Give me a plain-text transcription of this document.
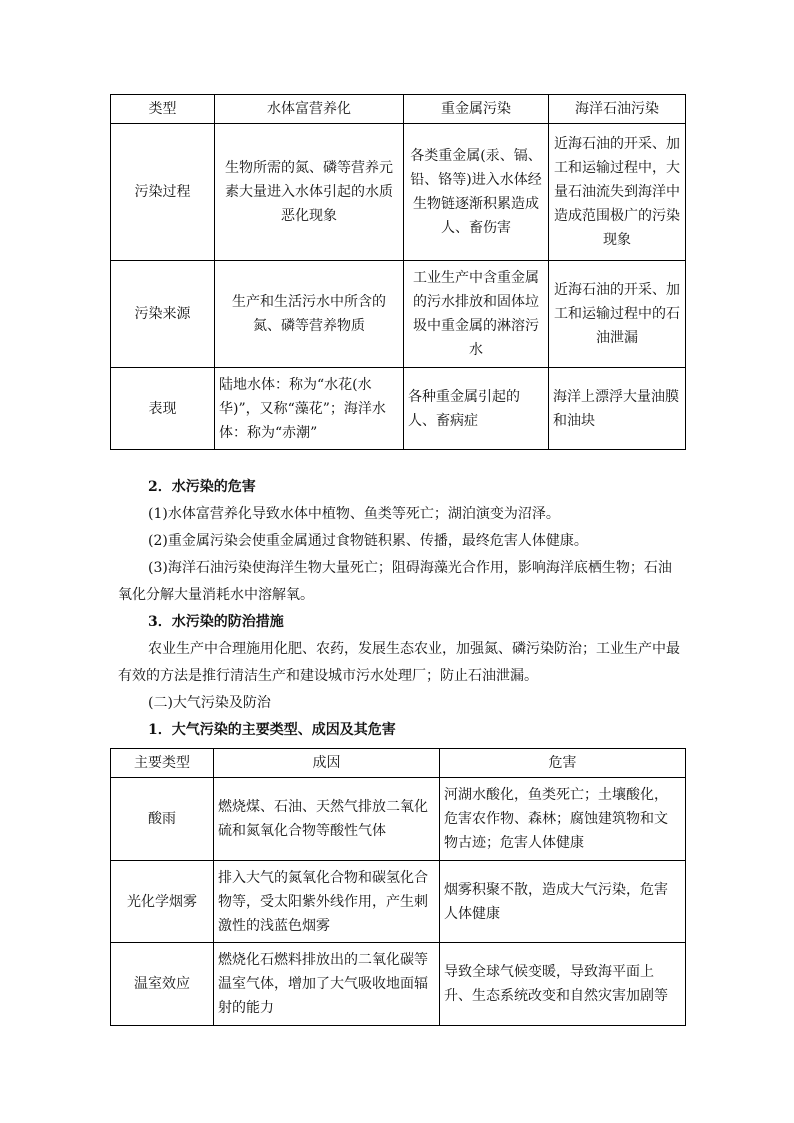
类型	水体富营养化	重金属污染	海洋石油污染
污染过程	生物所需的氮、磷等营养元素大量进入水体引起的水质恶化现象	各类重金属(汞、镉、铅、铬等)进入水体经生物链逐渐积累造成人、畜伤害	近海石油的开采、加工和运输过程中，大量石油流失到海洋中造成范围极广的污染现象
污染来源	生产和生活污水中所含的氮、磷等营养物质	工业生产中含重金属的污水排放和固体垃圾中重金属的淋溶污水	近海石油的开采、加工和运输过程中的石油泄漏
表现	陆地水体：称为“水花(水华)”，又称“藻花”；海洋水体：称为“赤潮”	各种重金属引起的人、畜病症	海洋上漂浮大量油膜和油块

2．水污染的危害

(1)水体富营养化导致水体中植物、鱼类等死亡；湖泊演变为沼泽。

(2)重金属污染会使重金属通过食物链积累、传播，最终危害人体健康。

(3)海洋石油污染使海洋生物大量死亡；阻碍海藻光合作用，影响海洋底栖生物；石油氧化分解大量消耗水中溶解氧。

3．水污染的防治措施

农业生产中合理施用化肥、农药，发展生态农业，加强氮、磷污染防治；工业生产中最有效的方法是推行清洁生产和建设城市污水处理厂；防止石油泄漏。

(二)大气污染及防治

1．大气污染的主要类型、成因及其危害

主要类型	成因	危害
酸雨	燃烧煤、石油、天然气排放二氧化硫和氮氧化合物等酸性气体	河湖水酸化，鱼类死亡；土壤酸化，危害农作物、森林；腐蚀建筑物和文物古迹；危害人体健康
光化学烟雾	排入大气的氮氧化合物和碳氢化合物等，受太阳紫外线作用，产生刺激性的浅蓝色烟雾	烟雾积聚不散，造成大气污染，危害人体健康
温室效应	燃烧化石燃料排放出的二氧化碳等温室气体，增加了大气吸收地面辐射的能力	导致全球气候变暖，导致海平面上升、生态系统改变和自然灾害加剧等
